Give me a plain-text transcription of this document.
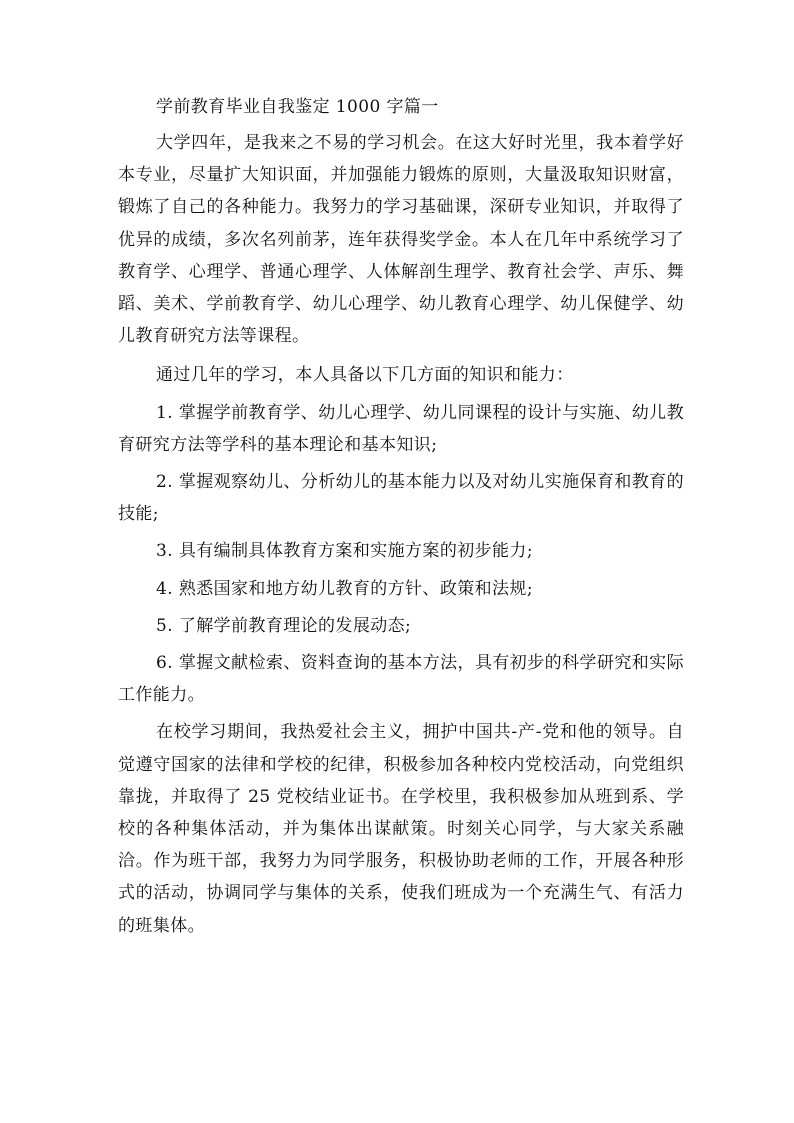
学前教育毕业自我鉴定 1000 字篇一

大学四年，是我来之不易的学习机会。在这大好时光里，我本着学好本专业，尽量扩大知识面，并加强能力锻炼的原则，大量汲取知识财富，锻炼了自己的各种能力。我努力的学习基础课，深研专业知识，并取得了优异的成绩，多次名列前茅，连年获得奖学金。本人在几年中系统学习了教育学、心理学、普通心理学、人体解剖生理学、教育社会学、声乐、舞蹈、美术、学前教育学、幼儿心理学、幼儿教育心理学、幼儿保健学、幼儿教育研究方法等课程。

通过几年的学习，本人具备以下几方面的知识和能力：

1. 掌握学前教育学、幼儿心理学、幼儿同课程的设计与实施、幼儿教育研究方法等学科的基本理论和基本知识;

2. 掌握观察幼儿、分析幼儿的基本能力以及对幼儿实施保育和教育的技能;

3. 具有编制具体教育方案和实施方案的初步能力;

4. 熟悉国家和地方幼儿教育的方针、政策和法规;

5. 了解学前教育理论的发展动态;

6. 掌握文献检索、资料查询的基本方法，具有初步的科学研究和实际工作能力。

在校学习期间，我热爱社会主义，拥护中国共-产-党和他的领导。自觉遵守国家的法律和学校的纪律，积极参加各种校内党校活动，向党组织靠拢，并取得了 25 党校结业证书。在学校里，我积极参加从班到系、学校的各种集体活动，并为集体出谋献策。时刻关心同学，与大家关系融洽。作为班干部，我努力为同学服务，积极协助老师的工作，开展各种形式的活动，协调同学与集体的关系，使我们班成为一个充满生气、有活力的班集体。
